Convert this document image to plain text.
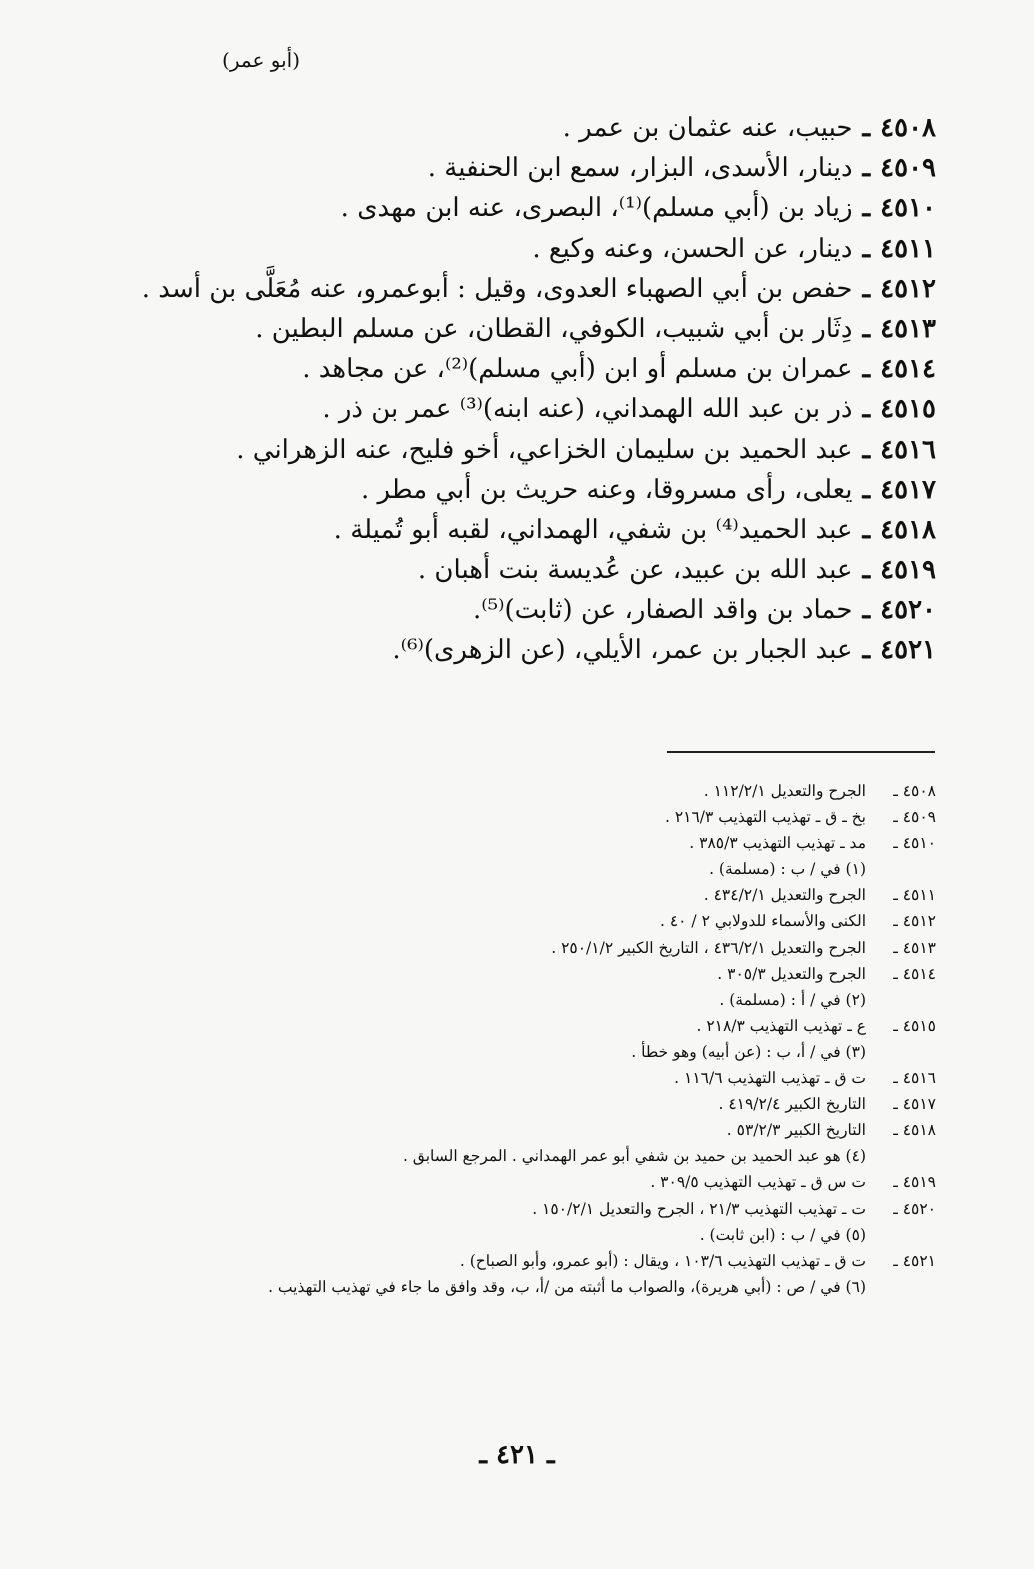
(أبو عمر)
٤٥٠٨ـحبيب، عنه عثمان بن عمر .
٤٥٠٩ـدينار، الأسدى، البزار، سمع ابن الحنفية .
٤٥١٠ـزياد بن (أبي مسلم)⁽¹⁾، البصرى، عنه ابن مهدى .
٤٥١١ـدينار، عن الحسن، وعنه وكيع .
٤٥١٢ـحفص بن أبي الصهباء العدوى، وقيل : أبوعمرو، عنه مُعَلَّى بن أسد .
٤٥١٣ـدِثَار بن أبي شبيب، الكوفي، القطان، عن مسلم البطين .
٤٥١٤ـعمران بن مسلم أو ابن (أبي مسلم)⁽²⁾، عن مجاهد .
٤٥١٥ـذر بن عبد الله الهمداني، (عنه ابنه)⁽³⁾ عمر بن ذر .
٤٥١٦ـعبد الحميد بن سليمان الخزاعي، أخو فليح، عنه الزهراني .
٤٥١٧ـيعلى، رأى مسروقا، وعنه حريث بن أبي مطر .
٤٥١٨ـعبد الحميد⁽⁴⁾ بن شفي، الهمداني، لقبه أبو تُميلة .
٤٥١٩ـعبد الله بن عبيد، عن عُديسة بنت أهبان .
٤٥٢٠ـحماد بن واقد الصفار، عن (ثابت)⁽⁵⁾.
٤٥٢١ـعبد الجبار بن عمر، الأيلي، (عن الزهرى)⁽⁶⁾.
٤٥٠٨ ـالجرح والتعديل ١١٢/٢/١ .
٤٥٠٩ ـبخ ـ ق ـ تهذيب التهذيب ٢١٦/٣ .
٤٥١٠ ـمد ـ تهذيب التهذيب ٣٨٥/٣ .
(١) في / ب : (مسلمة) .
٤٥١١ ـالجرح والتعديل ٤٣٤/٢/١ .
٤٥١٢ ـالكنى والأسماء للدولابي ٢ / ٤٠ .
٤٥١٣ ـالجرح والتعديل ٤٣٦/٢/١ ، التاريخ الكبير ٢٥٠/١/٢ .
٤٥١٤ ـالجرح والتعديل ٣٠٥/٣ .
(٢) في / أ : (مسلمة) .
٤٥١٥ ـع ـ تهذيب التهذيب ٢١٨/٣ .
(٣) في / أ، ب : (عن أبيه) وهو خطأ .
٤٥١٦ ـت ق ـ تهذيب التهذيب ١١٦/٦ .
٤٥١٧ ـالتاريخ الكبير ٤١٩/٢/٤ .
٤٥١٨ ـالتاريخ الكبير ٥٣/٢/٣ .
(٤) هو عبد الحميد بن حميد بن شفي أبو عمر الهمداني . المرجع السابق .
٤٥١٩ ـت س ق ـ تهذيب التهذيب ٣٠٩/٥ .
٤٥٢٠ ـت ـ تهذيب التهذيب ٢١/٣ ، الجرح والتعديل ١٥٠/٢/١ .
(٥) في / ب : (ابن ثابت) .
٤٥٢١ ـت ق ـ تهذيب التهذيب ١٠٣/٦ ، ويقال : (أبو عمرو، وأبو الصباح) .
(٦) في / ص : (أبي هريرة)، والصواب ما أثبته من /أ، ب، وقد وافق ما جاء في تهذيب التهذيب .
ـ ٤٢١ ـ
